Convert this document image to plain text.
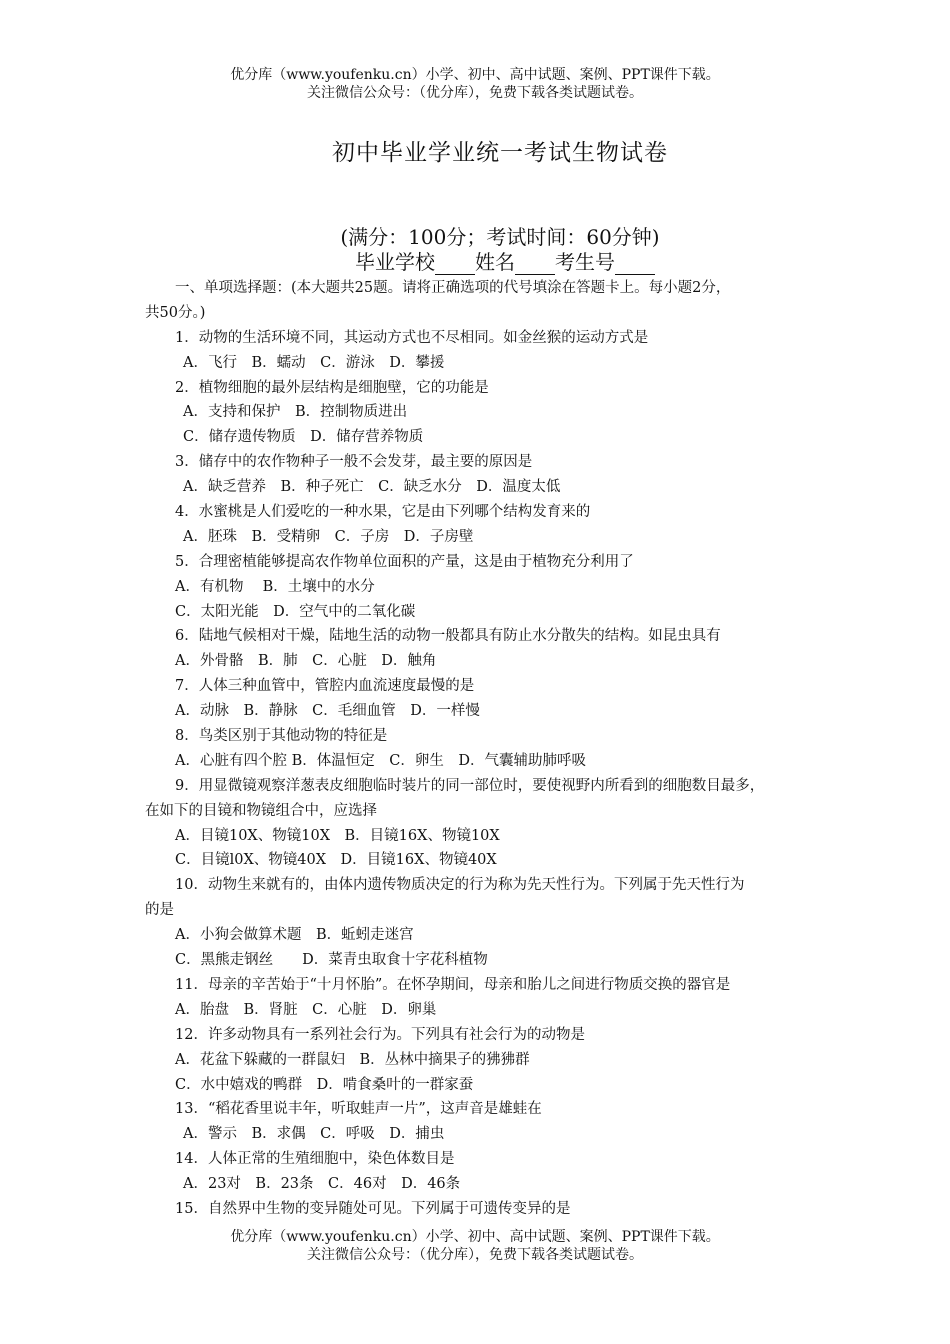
优分库（www.youfenku.cn）小学、初中、高中试题、案例、PPT课件下载。
关注微信公众号：（优分库），免费下载各类试题试卷。
初中毕业学业统一考试生物试卷
(满分：100分；考试时间：60分钟)
毕业学校 姓名 考生号
一、单项选择题：(本大题共25题。请将正确选项的代号填涂在答题卡上。每小题2分，
共50分。)
1．动物的生活环境不同，其运动方式也不尽相同。如金丝猴的运动方式是
A．飞行　B．蠕动　C．游泳　D．攀援
2．植物细胞的最外层结构是细胞壁，它的功能是
A．支持和保护　B．控制物质进出
C．储存遗传物质　D．储存营养物质
3．储存中的农作物种子一般不会发芽，最主要的原因是
A．缺乏营养　B．种子死亡　C．缺乏水分　D．温度太低
4．水蜜桃是人们爱吃的一种水果，它是由下列哪个结构发育来的
A．胚珠　B．受精卵　C．子房　D．子房壁
5．合理密植能够提高农作物单位面积的产量，这是由于植物充分利用了
A．有机物　 B．土壤中的水分
C．太阳光能　D．空气中的二氧化碳
6．陆地气候相对干燥，陆地生活的动物一般都具有防止水分散失的结构。如昆虫具有
A．外骨骼　B．肺　C．心脏　D．触角
7．人体三种血管中，管腔内血流速度最慢的是
A．动脉　B．静脉　C．毛细血管　D．一样慢
8．鸟类区别于其他动物的特征是
A．心脏有四个腔 B．体温恒定　C．卵生　D．气囊辅助肺呼吸
9．用显微镜观察洋葱表皮细胞临时装片的同一部位时，要使视野内所看到的细胞数目最多，
在如下的目镜和物镜组合中，应选择
A．目镜10X、物镜10X　B．目镜16X、物镜10X
C．目镜l0X、物镜40X　D．目镜16X、物镜40X
10．动物生来就有的，由体内遗传物质决定的行为称为先天性行为。下列属于先天性行为
的是
A．小狗会做算术题　B．蚯蚓走迷宫
C．黑熊走钢丝　　D．菜青虫取食十字花科植物
11．母亲的辛苦始于“十月怀胎”。在怀孕期间，母亲和胎儿之间进行物质交换的器官是
A．胎盘　B．肾脏　C．心脏　D．卵巢
12．许多动物具有一系列社会行为。下列具有社会行为的动物是
A．花盆下躲藏的一群鼠妇　B．丛林中摘果子的狒狒群
C．水中嬉戏的鸭群　D．啃食桑叶的一群家蚕
13．“稻花香里说丰年，听取蛙声一片”，这声音是雄蛙在
A．警示　B．求偶　C．呼吸　D．捕虫
14．人体正常的生殖细胞中，染色体数目是
A．23对　B．23条　C．46对　D．46条
15．自然界中生物的变异随处可见。下列属于可遗传变异的是
优分库（www.youfenku.cn）小学、初中、高中试题、案例、PPT课件下载。
关注微信公众号：（优分库），免费下载各类试题试卷。
